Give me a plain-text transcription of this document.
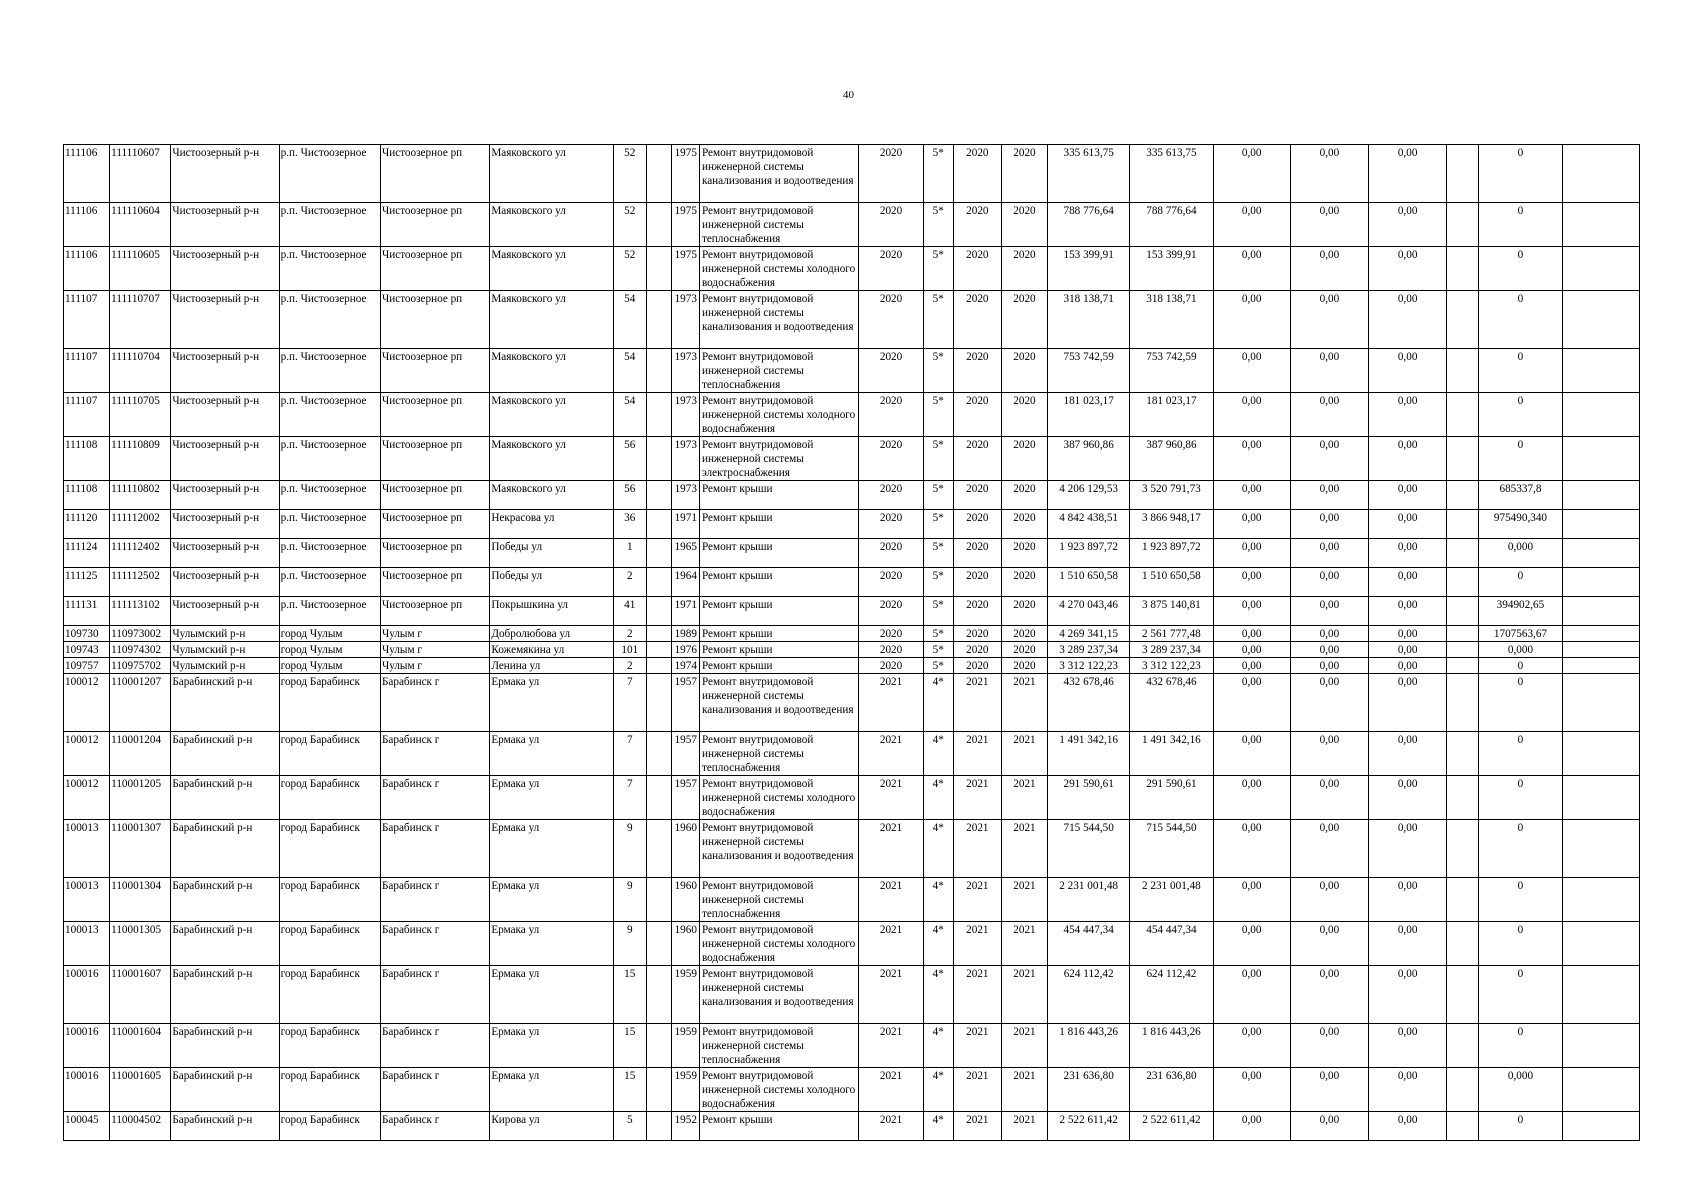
40
111106	111110607	Чистоозерный р-н	р.п. Чистоозерное	Чистоозерное рп	Маяковского ул	52		1975	Ремонт внутридомовой инженерной системы канализования и водоотведения	2020	5*	2020	2020	335 613,75	335 613,75	0,00	0,00	0,00		0	
111106	111110604	Чистоозерный р-н	р.п. Чистоозерное	Чистоозерное рп	Маяковского ул	52		1975	Ремонт внутридомовой инженерной системы теплоснабжения	2020	5*	2020	2020	788 776,64	788 776,64	0,00	0,00	0,00		0	
111106	111110605	Чистоозерный р-н	р.п. Чистоозерное	Чистоозерное рп	Маяковского ул	52		1975	Ремонт внутридомовой инженерной системы холодного водоснабжения	2020	5*	2020	2020	153 399,91	153 399,91	0,00	0,00	0,00		0	
111107	111110707	Чистоозерный р-н	р.п. Чистоозерное	Чистоозерное рп	Маяковского ул	54		1973	Ремонт внутридомовой инженерной системы канализования и водоотведения	2020	5*	2020	2020	318 138,71	318 138,71	0,00	0,00	0,00		0	
111107	111110704	Чистоозерный р-н	р.п. Чистоозерное	Чистоозерное рп	Маяковского ул	54		1973	Ремонт внутридомовой инженерной системы теплоснабжения	2020	5*	2020	2020	753 742,59	753 742,59	0,00	0,00	0,00		0	
111107	111110705	Чистоозерный р-н	р.п. Чистоозерное	Чистоозерное рп	Маяковского ул	54		1973	Ремонт внутридомовой инженерной системы холодного водоснабжения	2020	5*	2020	2020	181 023,17	181 023,17	0,00	0,00	0,00		0	
111108	111110809	Чистоозерный р-н	р.п. Чистоозерное	Чистоозерное рп	Маяковского ул	56		1973	Ремонт внутридомовой инженерной системы электроснабжения	2020	5*	2020	2020	387 960,86	387 960,86	0,00	0,00	0,00		0	
111108	111110802	Чистоозерный р-н	р.п. Чистоозерное	Чистоозерное рп	Маяковского ул	56		1973	Ремонт крыши	2020	5*	2020	2020	4 206 129,53	3 520 791,73	0,00	0,00	0,00		685337,8	
111120	111112002	Чистоозерный р-н	р.п. Чистоозерное	Чистоозерное рп	Некрасова ул	36		1971	Ремонт крыши	2020	5*	2020	2020	4 842 438,51	3 866 948,17	0,00	0,00	0,00		975490,340	
111124	111112402	Чистоозерный р-н	р.п. Чистоозерное	Чистоозерное рп	Победы ул	1		1965	Ремонт крыши	2020	5*	2020	2020	1 923 897,72	1 923 897,72	0,00	0,00	0,00		0,000	
111125	111112502	Чистоозерный р-н	р.п. Чистоозерное	Чистоозерное рп	Победы ул	2		1964	Ремонт крыши	2020	5*	2020	2020	1 510 650,58	1 510 650,58	0,00	0,00	0,00		0	
111131	111113102	Чистоозерный р-н	р.п. Чистоозерное	Чистоозерное рп	Покрышкина ул	41		1971	Ремонт крыши	2020	5*	2020	2020	4 270 043,46	3 875 140,81	0,00	0,00	0,00		394902,65	
109730	110973002	Чулымский р-н	город Чулым	Чулым г	Добролюбова ул	2		1989	Ремонт крыши	2020	5*	2020	2020	4 269 341,15	2 561 777,48	0,00	0,00	0,00		1707563,67	
109743	110974302	Чулымский р-н	город Чулым	Чулым г	Кожемякина ул	101		1976	Ремонт крыши	2020	5*	2020	2020	3 289 237,34	3 289 237,34	0,00	0,00	0,00		0,000	
109757	110975702	Чулымский р-н	город Чулым	Чулым г	Ленина ул	2		1974	Ремонт крыши	2020	5*	2020	2020	3 312 122,23	3 312 122,23	0,00	0,00	0,00		0	
100012	110001207	Барабинский р-н	город Барабинск	Барабинск г	Ермака ул	7		1957	Ремонт внутридомовой инженерной системы канализования и водоотведения	2021	4*	2021	2021	432 678,46	432 678,46	0,00	0,00	0,00		0	
100012	110001204	Барабинский р-н	город Барабинск	Барабинск г	Ермака ул	7		1957	Ремонт внутридомовой инженерной системы теплоснабжения	2021	4*	2021	2021	1 491 342,16	1 491 342,16	0,00	0,00	0,00		0	
100012	110001205	Барабинский р-н	город Барабинск	Барабинск г	Ермака ул	7		1957	Ремонт внутридомовой инженерной системы холодного водоснабжения	2021	4*	2021	2021	291 590,61	291 590,61	0,00	0,00	0,00		0	
100013	110001307	Барабинский р-н	город Барабинск	Барабинск г	Ермака ул	9		1960	Ремонт внутридомовой инженерной системы канализования и водоотведения	2021	4*	2021	2021	715 544,50	715 544,50	0,00	0,00	0,00		0	
100013	110001304	Барабинский р-н	город Барабинск	Барабинск г	Ермака ул	9		1960	Ремонт внутридомовой инженерной системы теплоснабжения	2021	4*	2021	2021	2 231 001,48	2 231 001,48	0,00	0,00	0,00		0	
100013	110001305	Барабинский р-н	город Барабинск	Барабинск г	Ермака ул	9		1960	Ремонт внутридомовой инженерной системы холодного водоснабжения	2021	4*	2021	2021	454 447,34	454 447,34	0,00	0,00	0,00		0	
100016	110001607	Барабинский р-н	город Барабинск	Барабинск г	Ермака ул	15		1959	Ремонт внутридомовой инженерной системы канализования и водоотведения	2021	4*	2021	2021	624 112,42	624 112,42	0,00	0,00	0,00		0	
100016	110001604	Барабинский р-н	город Барабинск	Барабинск г	Ермака ул	15		1959	Ремонт внутридомовой инженерной системы теплоснабжения	2021	4*	2021	2021	1 816 443,26	1 816 443,26	0,00	0,00	0,00		0	
100016	110001605	Барабинский р-н	город Барабинск	Барабинск г	Ермака ул	15		1959	Ремонт внутридомовой инженерной системы холодного водоснабжения	2021	4*	2021	2021	231 636,80	231 636,80	0,00	0,00	0,00		0,000	
100045	110004502	Барабинский р-н	город Барабинск	Барабинск г	Кирова ул	5		1952	Ремонт крыши	2021	4*	2021	2021	2 522 611,42	2 522 611,42	0,00	0,00	0,00		0	
